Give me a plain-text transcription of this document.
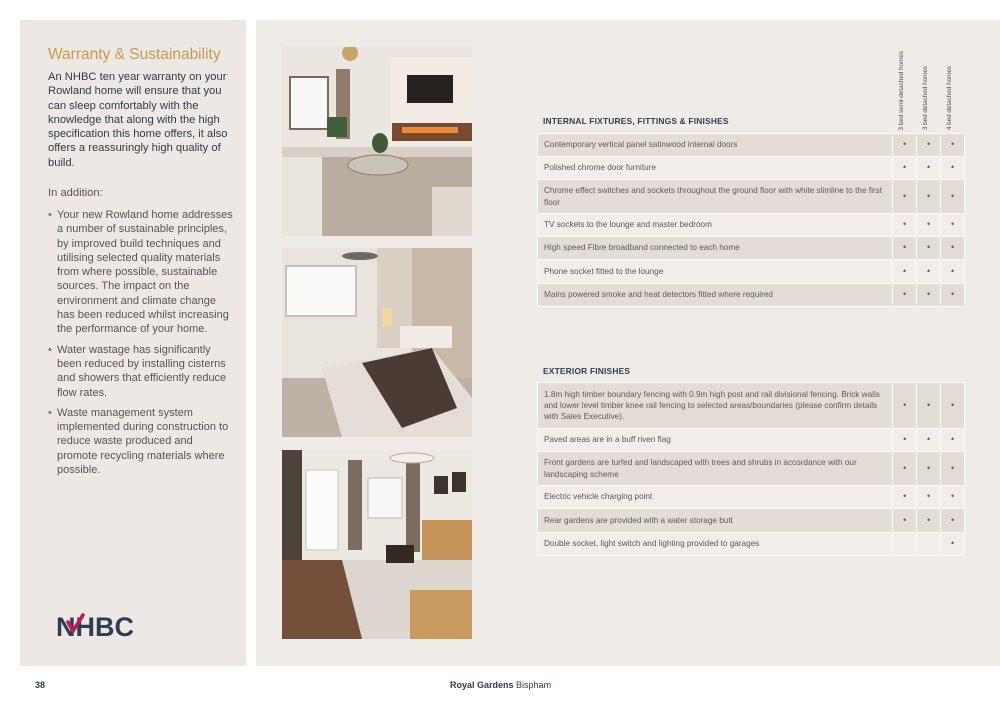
Warranty & Sustainability

An NHBC ten year warranty on your Rowland home will ensure that you can sleep comfortably with the knowledge that along with the high specification this home offers, it also offers a reassuringly high quality of build.

In addition:

• Your new Rowland home addresses a number of sustainable principles, by improved build techniques and utilising selected quality materials from where possible, sustainable sources. The impact on the environment and climate change has been reduced whilst increasing the performance of your home.
• Water wastage has significantly been reduced by installing cisterns and showers that efficiently reduce flow rates.
• Waste management system implemented during construction to reduce waste produced and promote recycling materials where possible.
NHBC
3 bed semi-detached homes	3 bed detached homes	4 bed detached homes
INTERNAL FIXTURES, FITTINGS & FINISHES
Contemporary vertical panel satinwood internal doors	•	•	•
Polished chrome door furniture	•	•	•
Chrome effect switches and sockets throughout the ground floor with white slimline to the first floor	•	•	•
TV sockets to the lounge and master bedroom	•	•	•
High speed Fibre broadband connected to each home	•	•	•
Phone socket fitted to the lounge	•	•	•
Mains powered smoke and heat detectors fitted where required	•	•	•
EXTERIOR FINISHES
1.8m high timber boundary fencing with 0.9m high post and rail divisional fencing. Brick walls and lower level timber knee rail fencing to selected areas/boundaries (please confirm details with Sales Executive).	•	•	•
Paved areas are in a buff riven flag	•	•	•
Front gardens are turfed and landscaped with trees and shrubs in accordance with our landscaping scheme	•	•	•
Electric vehicle charging point	•	•	•
Rear gardens are provided with a water storage butt	•	•	•
Double socket, light switch and lighting provided to garages			•
38	Royal Gardens Bispham
